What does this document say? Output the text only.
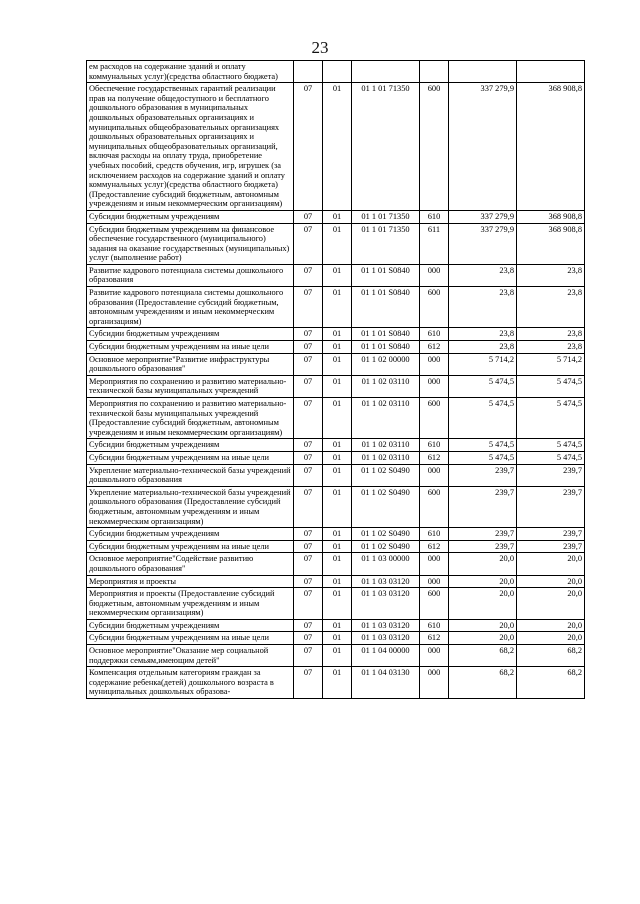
23
ем расходов на содержание зданий и оплату коммунальных услуг)(средства областного бюджета)						
Обеспечение государственных гарантий реализации прав на получение общедоступного и бесплатного дошкольного образования в муниципальных дошкольных образовательных организациях и муниципальных общеобразовательных организациях дошкольных образовательных организациях и муниципальных общеобразовательных организаций, включая расходы на оплату труда, приобретение учебных пособий, средств обучения, игр, игрушек (за исключением расходов на содержание зданий и оплату коммунальных услуг)(средства областного бюджета) (Предоставление субсидий бюджетным, автономным учреждениям и иным некоммерческим организациям)	07	01	01 1 01 71350	600	337 279,9	368 908,8
Субсидии бюджетным учреждениям	07	01	01 1 01 71350	610	337 279,9	368 908,8
Субсидии бюджетным учреждениям на финансовое обеспечение государственного (муниципального) задания на оказание государственных (муниципальных) услуг (выполнение работ)	07	01	01 1 01 71350	611	337 279,9	368 908,8
Развитие кадрового потенциала системы дошкольного образования	07	01	01 1 01 S0840	000	23,8	23,8
Развитие кадрового потенциала системы дошкольного образования (Предоставление субсидий бюджетным, автономным учреждениям и иным некоммерческим организациям)	07	01	01 1 01 S0840	600	23,8	23,8
Субсидии бюджетным учреждениям	07	01	01 1 01 S0840	610	23,8	23,8
Субсидии бюджетным учреждениям на иные цели	07	01	01 1 01 S0840	612	23,8	23,8
Основное мероприятие"Развитие инфраструктуры дошкольного образования"	07	01	01 1 02 00000	000	5 714,2	5 714,2
Мероприятия по сохранению и развитию материально-технической базы муниципальных учреждений	07	01	01 1 02 03110	000	5 474,5	5 474,5
Мероприятия по сохранению и развитию материально-технической базы муниципальных учреждений (Предоставление субсидий бюджетным, автономным учреждениям и иным некоммерческим организациям)	07	01	01 1 02 03110	600	5 474,5	5 474,5
Субсидии бюджетным учреждениям	07	01	01 1 02 03110	610	5 474,5	5 474,5
Субсидии бюджетным учреждениям на иные цели	07	01	01 1 02 03110	612	5 474,5	5 474,5
Укрепление материально-технической базы учреждений дошкольного образования	07	01	01 1 02 S0490	000	239,7	239,7
Укрепление материально-технической базы учреждений дошкольного образования (Предоставление субсидий бюджетным, автономным учреждениям и иным некоммерческим организациям)	07	01	01 1 02 S0490	600	239,7	239,7
Субсидии бюджетным учреждениям	07	01	01 1 02 S0490	610	239,7	239,7
Субсидии бюджетным учреждениям на иные цели	07	01	01 1 02 S0490	612	239,7	239,7
Основное мероприятие"Содействие развитию дошкольного образования"	07	01	01 1 03 00000	000	20,0	20,0
Мероприятия и проекты	07	01	01 1 03 03120	000	20,0	20,0
Мероприятия и проекты (Предоставление субсидий бюджетным, автономным учреждениям и иным некоммерческим организациям)	07	01	01 1 03 03120	600	20,0	20,0
Субсидии бюджетным учреждениям	07	01	01 1 03 03120	610	20,0	20,0
Субсидии бюджетным учреждениям на иные цели	07	01	01 1 03 03120	612	20,0	20,0
Основное мероприятие"Оказание мер социальной поддержки семьям,имеющим детей"	07	01	01 1 04 00000	000	68,2	68,2
Компенсация отдельным категориям граждан за содержание ребенка(детей) дошкольного возраста в муниципальных дошкольных образова-	07	01	01 1 04 03130	000	68,2	68,2
